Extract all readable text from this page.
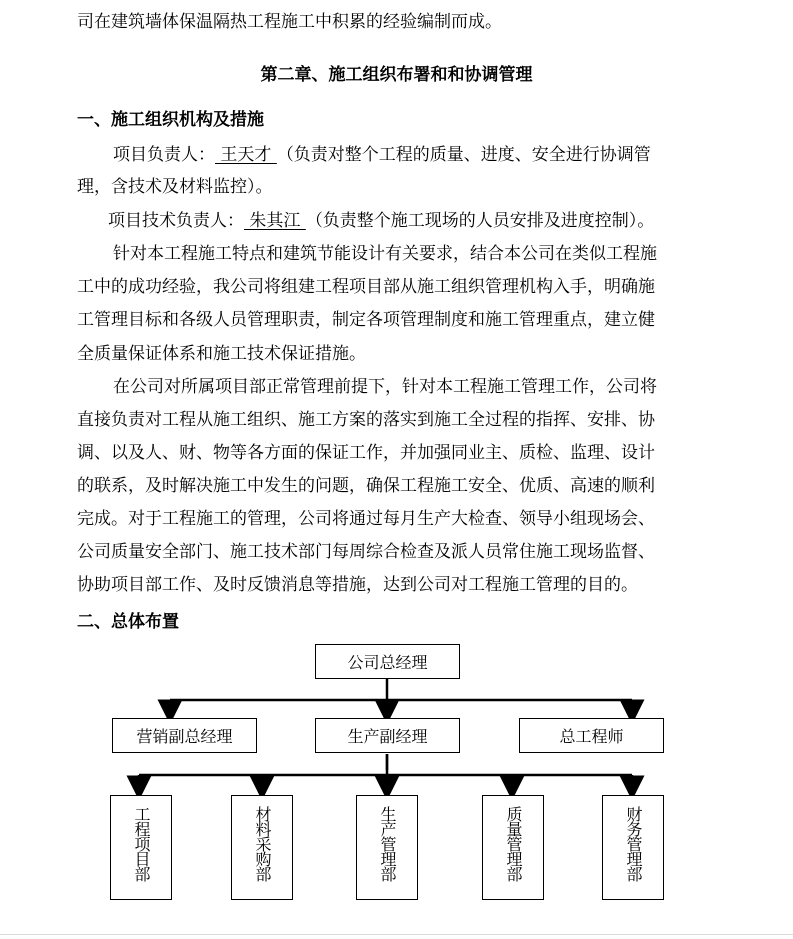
司在建筑墙体保温隔热工程施工中积累的经验编制而成。
第二章、施工组织布署和和协调管理
一、施工组织机构及措施
项目负责人： 王天才 （负责对整个工程的质量、进度、安全进行协调管
理，含技术及材料监控）。
项目技术负责人： 朱其江 （负责整个施工现场的人员安排及进度控制）。
针对本工程施工特点和建筑节能设计有关要求，结合本公司在类似工程施
工中的成功经验，我公司将组建工程项目部从施工组织管理机构入手，明确施
工管理目标和各级人员管理职责，制定各项管理制度和施工管理重点，建立健
全质量保证体系和施工技术保证措施。
在公司对所属项目部正常管理前提下，针对本工程施工管理工作，公司将
直接负责对工程从施工组织、施工方案的落实到施工全过程的指挥、安排、协
调、以及人、财、物等各方面的保证工作，并加强同业主、质检、监理、设计
的联系，及时解决施工中发生的问题，确保工程施工安全、优质、高速的顺利
完成。对于工程施工的管理，公司将通过每月生产大检查、领导小组现场会、
公司质量安全部门、施工技术部门每周综合检查及派人员常住施工现场监督、
协助项目部工作、及时反馈消息等措施，达到公司对工程施工管理的目的。
二、总体布置
公司总经理
营销副总经理	生产副经理	总工程师
工程项目部	材料采购部	生产管理部	质量管理部	财务管理部
